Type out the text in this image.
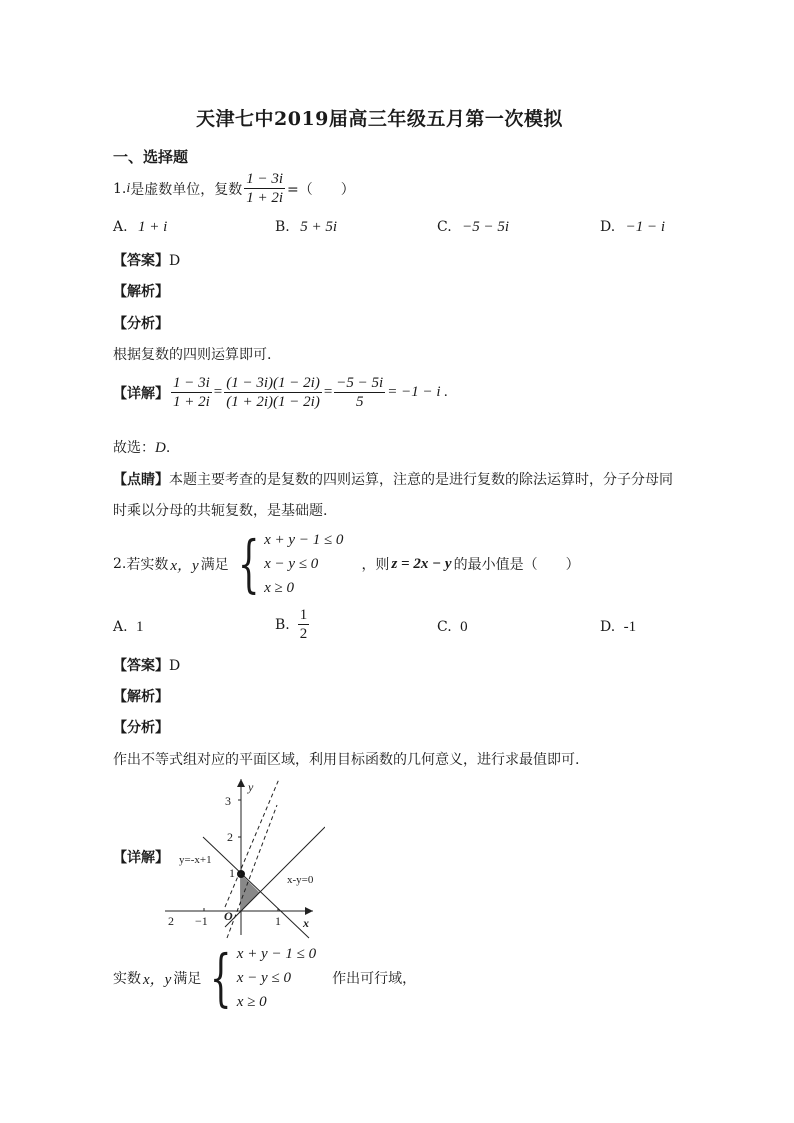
天津七中2019届高三年级五月第一次模拟
一、选择题
1. i 是虚数单位，复数 $\frac{1 - 3i}{1 + 2i}$ =（　　）
A. 1 + i	B. 5 + 5i	C. −5 − 5i	D. −1 − i
【答案】D
【解析】
【分析】
根据复数的四则运算即可.
【详解】 $\frac{1 - 3i}{1 + 2i} = \frac{(1 - 3i)(1 - 2i)}{(1 + 2i)(1 - 2i)} = \frac{-5 - 5i}{5} = -1 - i$ .
故选：D.
【点睛】本题主要考查的是复数的四则运算，注意的是进行复数的除法运算时，分子分母同
时乘以分母的共轭复数，是基础题.
2. 若实数 x，y 满足 { x + y − 1 ≤ 0
x − y ≤ 0
x ≥ 0
，则 z = 2x − y 的最小值是（　　）
A. 1	B. $\frac{1}{2}$	C. 0	D. -1
【答案】D
【解析】
【分析】
作出不等式组对应的平面区域，利用目标函数的几何意义，进行求最值即可.
【详解】
y
x
3
2
1
2 −1	1
O
y=-x+1
x-y=0
实数 x，y 满足 { x + y − 1 ≤ 0
x − y ≤ 0
x ≥ 0
作出可行域，
